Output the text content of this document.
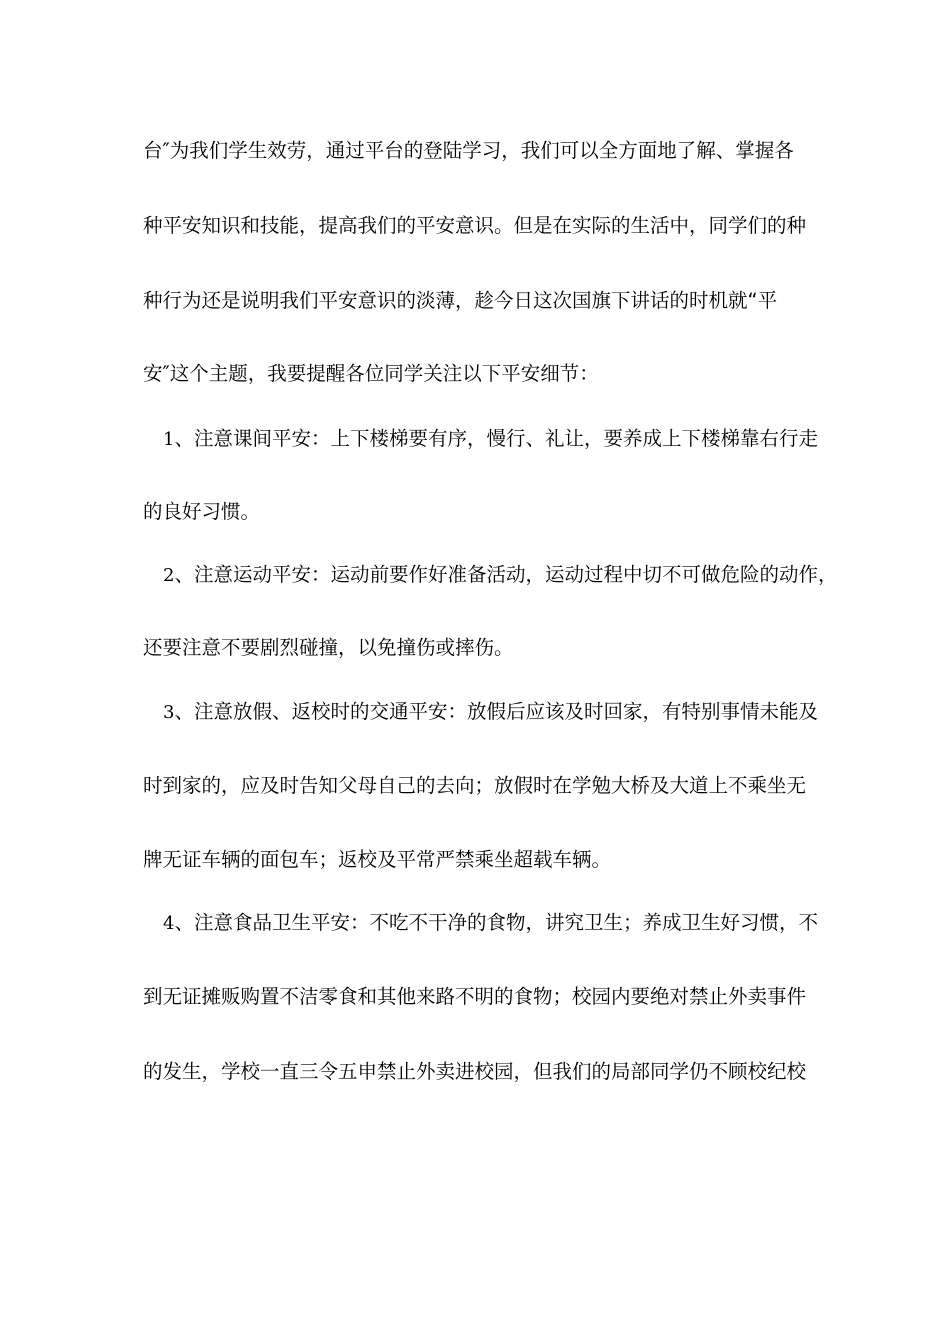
台″为我们学生效劳，通过平台的登陆学习，我们可以全方面地了解、掌握各
种平安知识和技能，提高我们的平安意识。但是在实际的生活中，同学们的种
种行为还是说明我们平安意识的淡薄，趁今日这次国旗下讲话的时机就“平
安″这个主题，我要提醒各位同学关注以下平安细节：
1、注意课间平安：上下楼梯要有序，慢行、礼让，要养成上下楼梯靠右行走
的良好习惯。
2、注意运动平安：运动前要作好准备活动，运动过程中切不可做危险的动作，
还要注意不要剧烈碰撞，以免撞伤或摔伤。
3、注意放假、返校时的交通平安：放假后应该及时回家，有特别事情未能及
时到家的，应及时告知父母自己的去向；放假时在学勉大桥及大道上不乘坐无
牌无证车辆的面包车；返校及平常严禁乘坐超载车辆。
4、注意食品卫生平安：不吃不干净的食物，讲究卫生；养成卫生好习惯，不
到无证摊贩购置不洁零食和其他来路不明的食物；校园内要绝对禁止外卖事件
的发生，学校一直三令五申禁止外卖进校园，但我们的局部同学仍不顾校纪校
